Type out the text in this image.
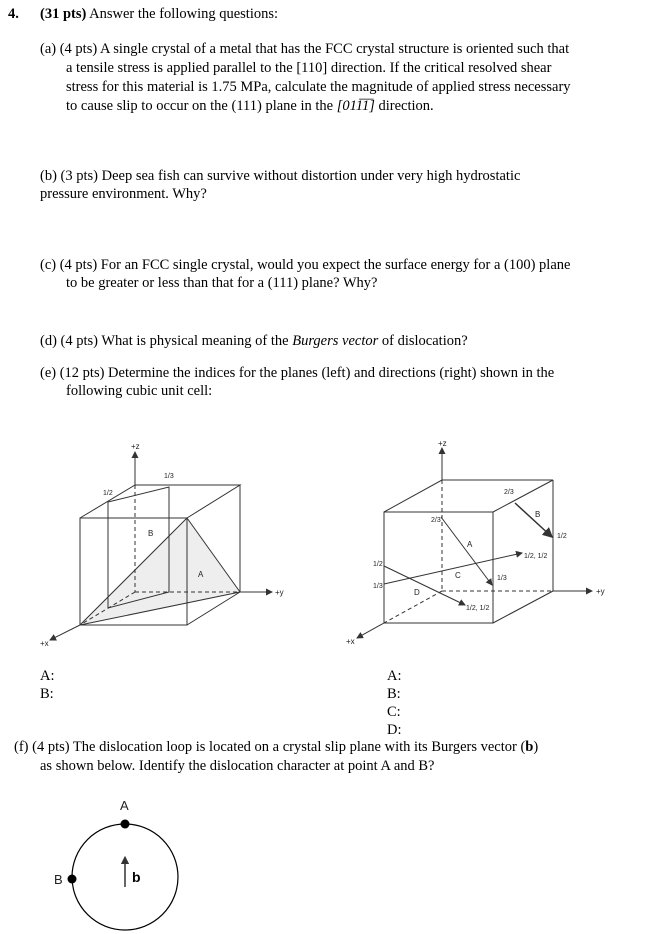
4. (31 pts) Answer the following questions:
(a) (4 pts) A single crystal of a metal that has the FCC crystal structure is oriented such that
a tensile stress is applied parallel to the [110] direction. If the critical resolved shear
stress for this material is 1.75 MPa, calculate the magnitude of applied stress necessary
to cause slip to occur on the (111) plane in the [011̅1̅] direction.
(b) (3 pts) Deep sea fish can survive without distortion under very high hydrostatic
pressure environment. Why?
(c) (4 pts) For an FCC single crystal, would you expect the surface energy for a (100) plane
to be greater or less than that for a (111) plane? Why?
(d) (4 pts) What is physical meaning of the Burgers vector of dislocation?
(e) (12 pts) Determine the indices for the planes (left) and directions (right) shown in the
following cubic unit cell:
A:
B:
A:
B:
C:
D:
(f) (4 pts) The dislocation loop is located on a crystal slip plane with its Burgers vector (b)
as shown below. Identify the dislocation character at point A and B?
+z
+y
+x
1/2
1/3
B
A
+z
+y
+x
A
B
C
D
2/3
1/3
2/3
1/2
1/3
1/2, 1/2
1/2
1/2, 1/2
A
B	b
